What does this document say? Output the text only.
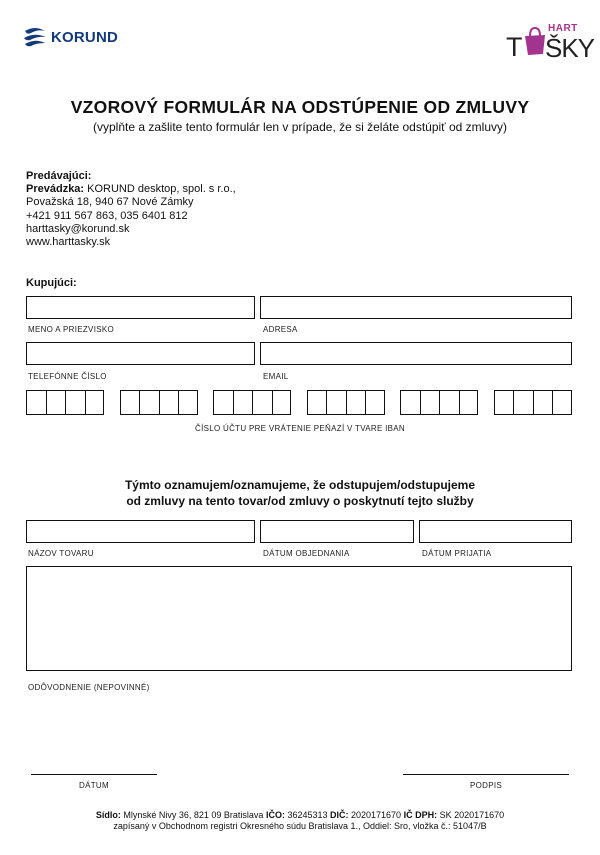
KORUND	HART
T ŠKY
VZOROVÝ FORMULÁR NA ODSTÚPENIE OD ZMLUVY
(vyplňte a zašlite tento formulár len v prípade, že si želáte odstúpiť od zmluvy)
Predávajúci:
Prevádzka: KORUND desktop, spol. s r.o.,
Považská 18, 940 67 Nové Zámky
+421 911 567 863, 035 6401 812
harttasky@korund.sk
www.harttasky.sk
Kupujúci:
MENO A PRIEZVISKO	ADRESA
TELEFÓNNE ČÍSLO	EMAIL
ČÍSLO ÚČTU PRE VRÁTENIE PEŇAZÍ V TVARE IBAN
Týmto oznamujem/oznamujeme, že odstupujem/odstupujeme
od zmluvy na tento tovar/od zmluvy o poskytnutí tejto služby
NÁZOV TOVARU	DÁTUM OBJEDNANIA	DÁTUM PRIJATIA
ODÔVODNENIE (NEPOVINNÉ)
DÁTUM	PODPIS
Sídlo: Mlynské Nivy 36, 821 09 Bratislava IČO: 36245313 DIČ: 2020171670 IČ DPH: SK 2020171670
zapísaný v Obchodnom registri Okresného súdu Bratislava 1., Oddiel: Sro, vložka č.: 51047/B
